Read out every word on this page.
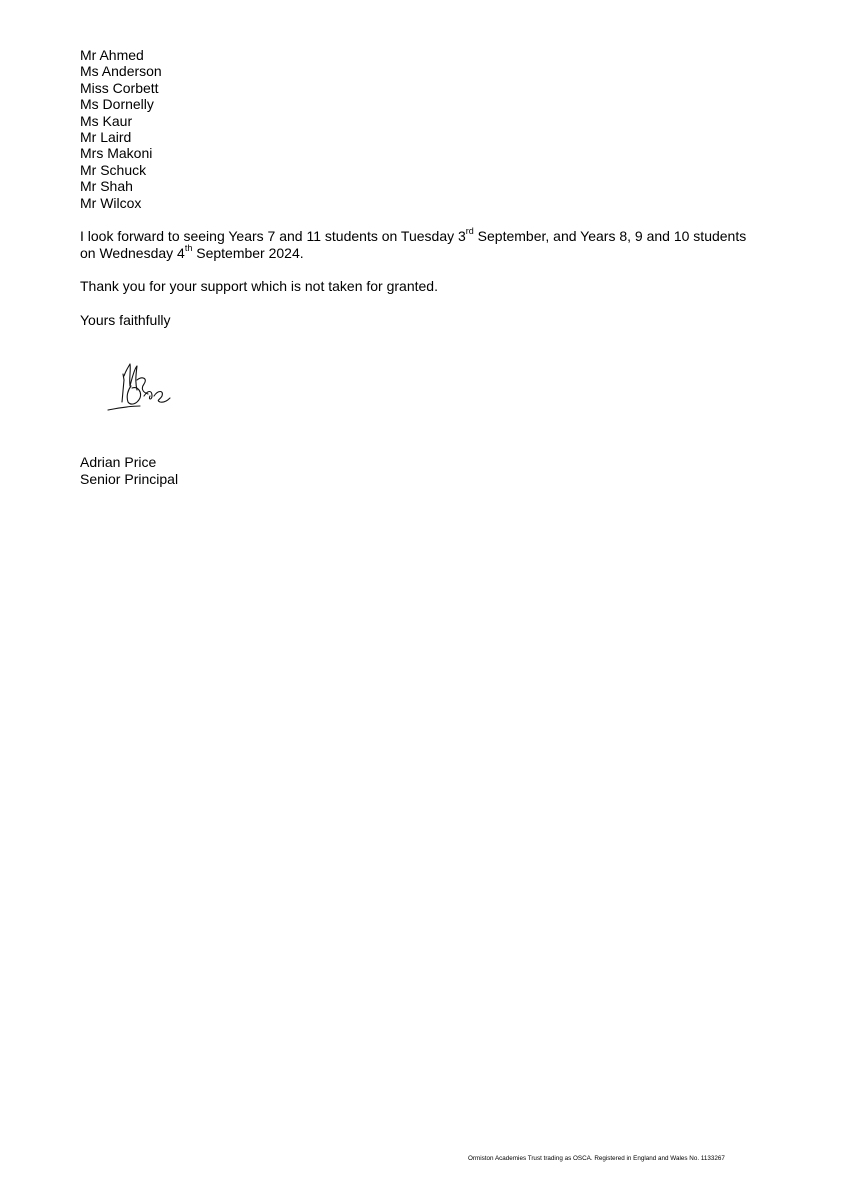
Mr Ahmed
Ms Anderson
Miss Corbett
Ms Dornelly
Ms Kaur
Mr Laird
Mrs Makoni
Mr Schuck
Mr Shah
Mr Wilcox

I look forward to seeing Years 7 and 11 students on Tuesday 3rd September, and Years 8, 9 and 10 students on Wednesday 4th September 2024.

Thank you for your support which is not taken for granted.

Yours faithfully

Adrian Price
Senior Principal
Ormiston Academies Trust trading as OSCA. Registered in England and Wales No. 1133267
